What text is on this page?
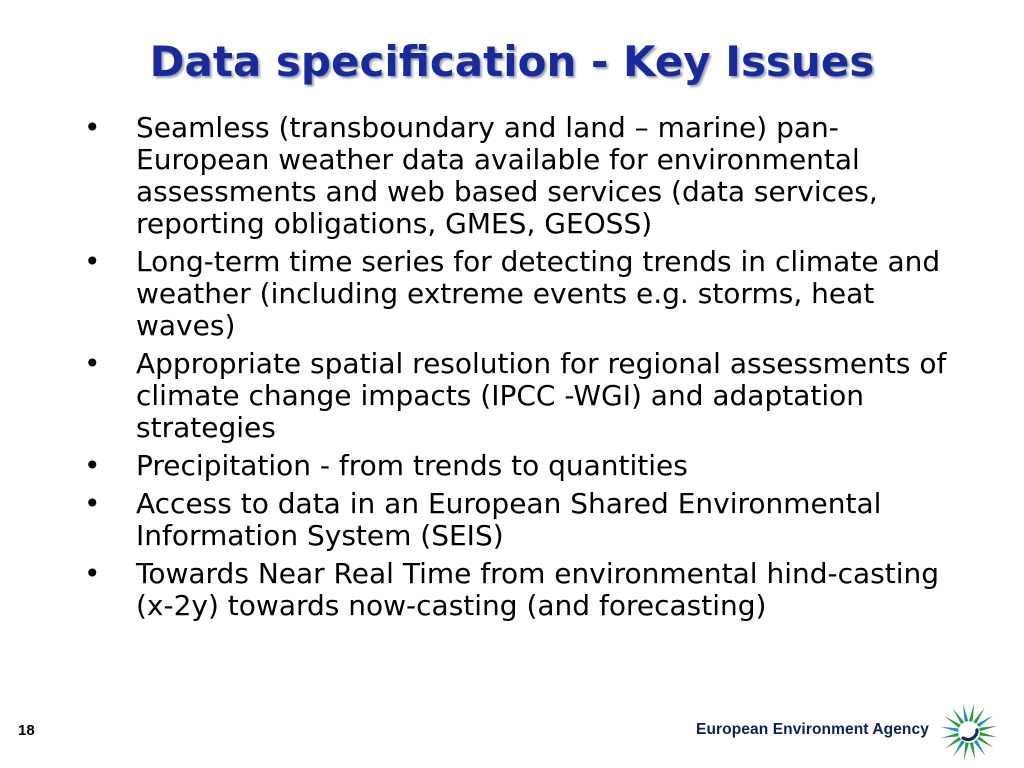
Data specification - Key Issues
• Seamless (transboundary and land – marine) pan-European weather data available for environmental assessments and web based services (data services, reporting obligations, GMES, GEOSS)
• Long-term time series for detecting trends in climate and weather (including extreme events e.g. storms, heat waves)
• Appropriate spatial resolution for regional assessments of climate change impacts (IPCC -WGI) and adaptation strategies
• Precipitation - from trends to quantities
• Access to data in an European Shared Environmental Information System (SEIS)
• Towards Near Real Time from environmental hind-casting (x-2y) towards now-casting (and forecasting)
18	European Environment Agency
